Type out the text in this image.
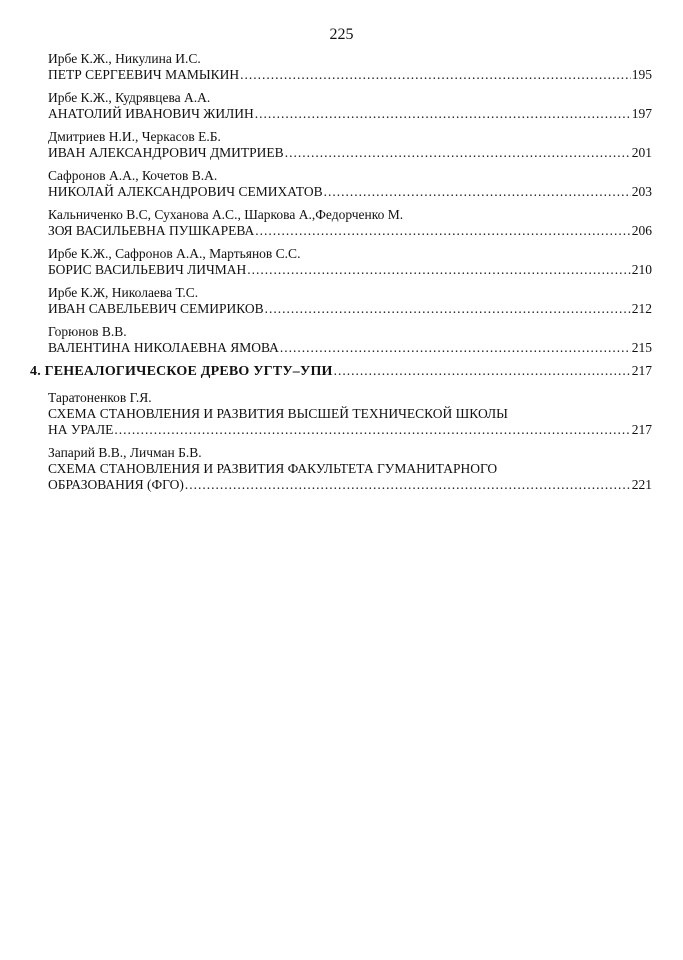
225
Ирбе К.Ж., Никулина И.С.
ПЕТР СЕРГЕЕВИЧ МАМЫКИН .....	195
Ирбе К.Ж., Кудрявцева А.А.
АНАТОЛИЙ ИВАНОВИЧ ЖИЛИН .....	197
Дмитриев Н.И., Черкасов Е.Б.
ИВАН АЛЕКСАНДРОВИЧ ДМИТРИЕВ .....	201
Сафронов А.А., Кочетов В.А.
НИКОЛАЙ АЛЕКСАНДРОВИЧ СЕМИХАТОВ .....	203
Кальниченко В.С, Суханова А.С., Шаркова А.,Федорченко М.
ЗОЯ ВАСИЛЬЕВНА ПУШКАРЕВА .....	206
Ирбе К.Ж., Сафронов А.А., Мартьянов С.С.
БОРИС ВАСИЛЬЕВИЧ ЛИЧМАН .....	210
Ирбе К.Ж, Николаева Т.С.
ИВАН САВЕЛЬЕВИЧ СЕМИРИКОВ .....	212
Горюнов В.В.
ВАЛЕНТИНА НИКОЛАЕВНА ЯМОВА .....	215
4. ГЕНЕАЛОГИЧЕСКОЕ ДРЕВО УГТУ–УПИ .....	217
Таратоненков Г.Я.
СХЕМА СТАНОВЛЕНИЯ И РАЗВИТИЯ ВЫСШЕЙ ТЕХНИЧЕСКОЙ ШКОЛЫ
НА УРАЛЕ .....	217
Запарий В.В., Личман Б.В.
СХЕМА СТАНОВЛЕНИЯ И РАЗВИТИЯ ФАКУЛЬТЕТА ГУМАНИТАРНОГО
ОБРАЗОВАНИЯ (ФГО) .....	221
